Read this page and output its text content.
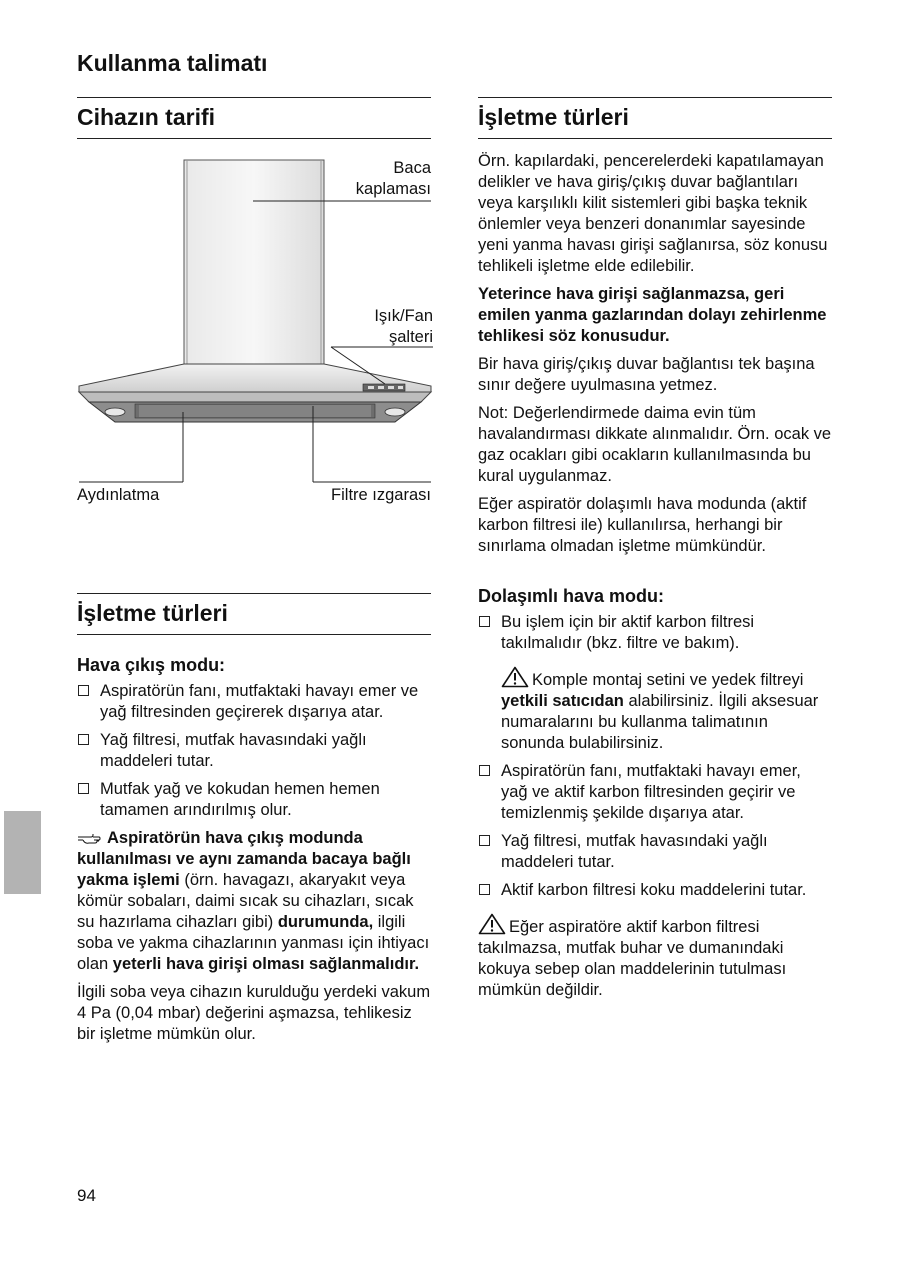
Kullanma talimatı
Cihazın tarifi
Baca
kaplaması
Işık/Fan
şalteri
Aydınlatma	Filtre ızgarası
İşletme türleri
Hava çıkış modu:
Aspiratörün fanı, mutfaktaki havayı emer ve yağ filtresinden geçirerek dışarıya atar.
Yağ filtresi, mutfak havasındaki yağlı maddeleri tutar.
Mutfak yağ ve kokudan hemen hemen tamamen arındırılmış olur.

Aspiratörün hava çıkış modunda kullanılması ve aynı zamanda bacaya bağlı yakma işlemi (örn. havagazı, akaryakıt veya kömür sobaları, daimi sıcak su cihazları, sıcak su hazırlama cihazları gibi) durumunda, ilgili soba ve yakma cihazlarının yanması için ihtiyacı olan yeterli hava girişi olması sağlanmalıdır.

İlgili soba veya cihazın kurulduğu yerdeki vakum 4 Pa (0,04 mbar) değerini aşmazsa, tehlikesiz bir işletme mümkün olur.

İşletme türleri

Örn. kapılardaki, pencerelerdeki kapatılamayan delikler ve hava giriş/çıkış duvar bağlantıları veya karşılıklı kilit sistemleri gibi başka teknik önlemler veya benzeri donanımlar sayesinde yeni yanma havası girişi sağlanırsa, söz konusu tehlikeli işletme elde edilebilir.

Yeterince hava girişi sağlanmazsa, geri emilen yanma gazlarından dolayı zehirlenme tehlikesi söz konusudur.

Bir hava giriş/çıkış duvar bağlantısı tek başına sınır değere uyulmasına yetmez.

Not: Değerlendirmede daima evin tüm havalandırması dikkate alınmalıdır. Örn. ocak ve gaz ocakları gibi ocakların kullanılmasında bu kural uygulanmaz.

Eğer aspiratör dolaşımlı hava modunda (aktif karbon filtresi ile) kullanılırsa, herhangi bir sınırlama olmadan işletme mümkündür.

Dolaşımlı hava modu:
Bu işlem için bir aktif karbon filtresi takılmalıdır (bkz. filtre ve bakım).
Komple montaj setini ve yedek filtreyi yetkili satıcıdan alabilirsiniz. İlgili aksesuar numaralarını bu kullanma talimatının sonunda bulabilirsiniz.
Aspiratörün fanı, mutfaktaki havayı emer, yağ ve aktif karbon filtresinden geçirir ve temizlenmiş şekilde dışarıya atar.
Yağ filtresi, mutfak havasındaki yağlı maddeleri tutar.
Aktif karbon filtresi koku maddelerini tutar.

Eğer aspiratöre aktif karbon filtresi takılmazsa, mutfak buhar ve dumanındaki kokuya sebep olan maddelerinin tutulması mümkün değildir.

94
